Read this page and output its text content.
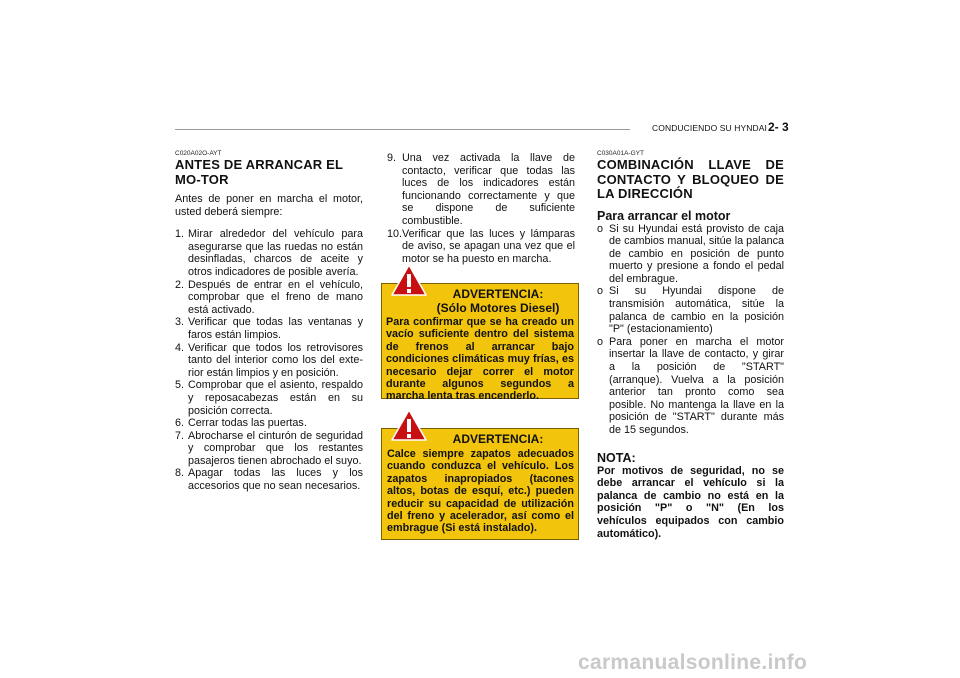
CONDUCIENDO SU HYNDAI 2- 3
C020A02O-AYT
ANTES DE ARRANCAR EL MO-TOR
Antes de poner en marcha el motor, usted deberá siempre:
1. Mirar alrededor del vehículo para asegurarse que las ruedas no están desinfladas, charcos de aceite y otros indicadores de posible avería.
2. Después de entrar en el vehículo, comprobar que el freno de mano está activado.
3. Verificar que todas las ventanas y faros están limpios.
4. Verificar que todos los retrovisores tanto del interior como los del exte-rior están limpios y en posición.
5. Comprobar que el asiento, respaldo y reposacabezas están en su posición correcta.
6. Cerrar todas las puertas.
7. Abrocharse el cinturón de seguridad y comprobar que los restantes pasajeros tienen abrochado el suyo.
8. Apagar todas las luces y los accesorios que no sean necesarios.
9. Una vez activada la llave de contacto, verificar que todas las luces de los indicadores están funcionando correctamente y que se dispone de suficiente combustible.
10. Verificar que las luces y lámparas de aviso, se apagan una vez que el motor se ha puesto en marcha.
ADVERTENCIA:
(Sólo Motores Diesel)
Para confirmar que se ha creado un vacío suficiente dentro del sistema de frenos al arrancar bajo condiciones climáticas muy frías, es necesario dejar correr el motor durante algunos segundos a marcha lenta tras encenderlo.
ADVERTENCIA:
Calce siempre zapatos adecuados cuando conduzca el vehículo. Los zapatos inapropiados (tacones altos, botas de esquí, etc.) pueden reducir su capacidad de utilización del freno y acelerador, así como el embrague (Si está instalado).
C030A01A-GYT
COMBINACIÓN LLAVE DE CONTACTO Y BLOQUEO DE LA DIRECCIÓN
Para arrancar el motor
o Si su Hyundai está provisto de caja de cambios manual, sitúe la palanca de cambio en posición de punto muerto y presione a fondo el pedal del embrague.
o Si su Hyundai dispone de transmisión automática, sitúe la palanca de cambio en la posición "P" (estacionamiento)
o Para poner en marcha el motor insertar la llave de contacto, y girar a la posición de "START" (arranque). Vuelva a la posición anterior tan pronto como sea posible. No mantenga la llave en la posición de "START" durante más de 15 segundos.
NOTA:
Por motivos de seguridad, no se debe arrancar el vehículo si la palanca de cambio no está en la posición "P" o "N" (En los vehículos equipados con cambio automático).
carmanualsonline.info
